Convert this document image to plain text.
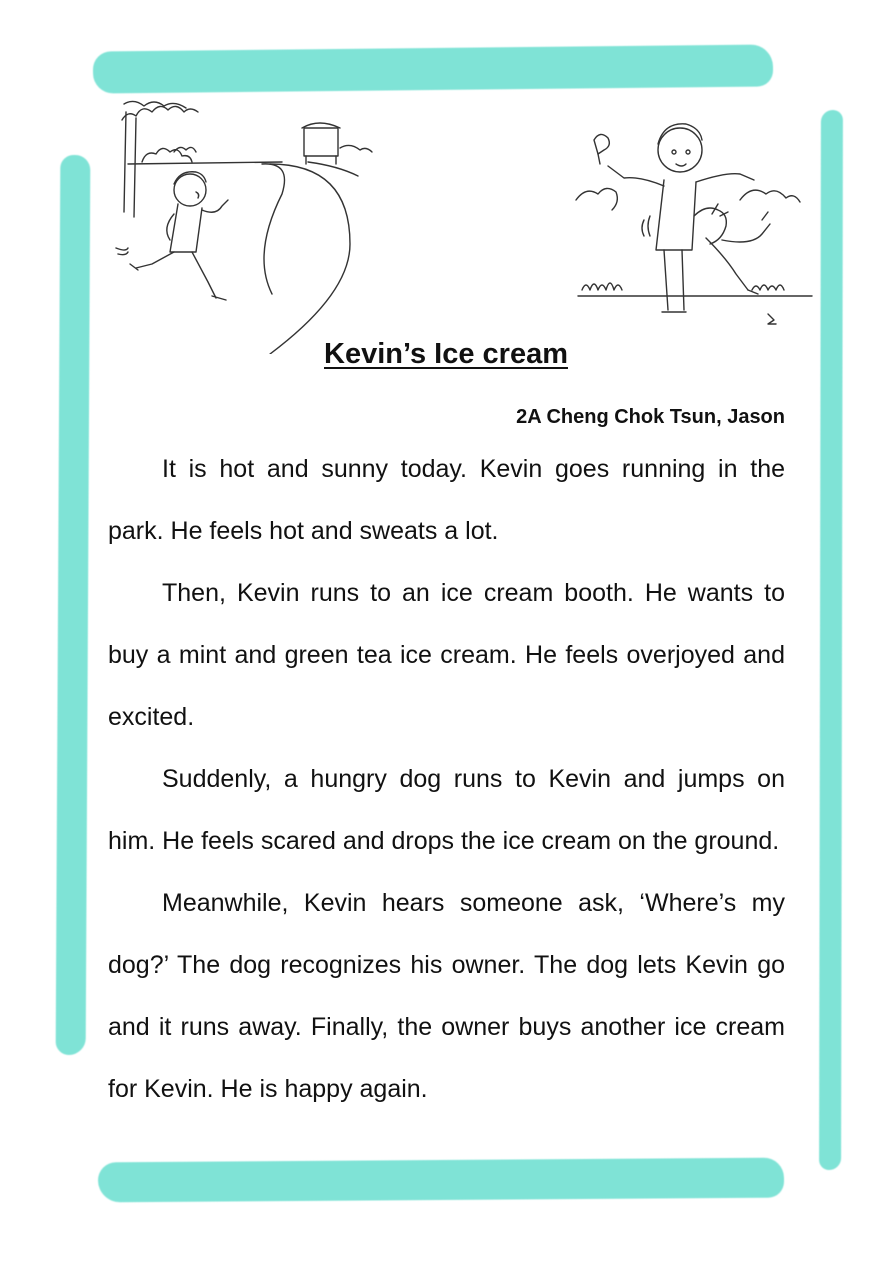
Kevin’s Ice cream

2A Cheng Chok Tsun, Jason

It is hot and sunny today. Kevin goes running in the park. He feels hot and sweats a lot.

Then, Kevin runs to an ice cream booth. He wants to buy a mint and green tea ice cream. He feels overjoyed and excited.

Suddenly, a hungry dog runs to Kevin and jumps on him. He feels scared and drops the ice cream on the ground.

Meanwhile, Kevin hears someone ask, ‘Where’s my dog?’ The dog recognizes his owner. The dog lets Kevin go and it runs away. Finally, the owner buys another ice cream for Kevin. He is happy again.
